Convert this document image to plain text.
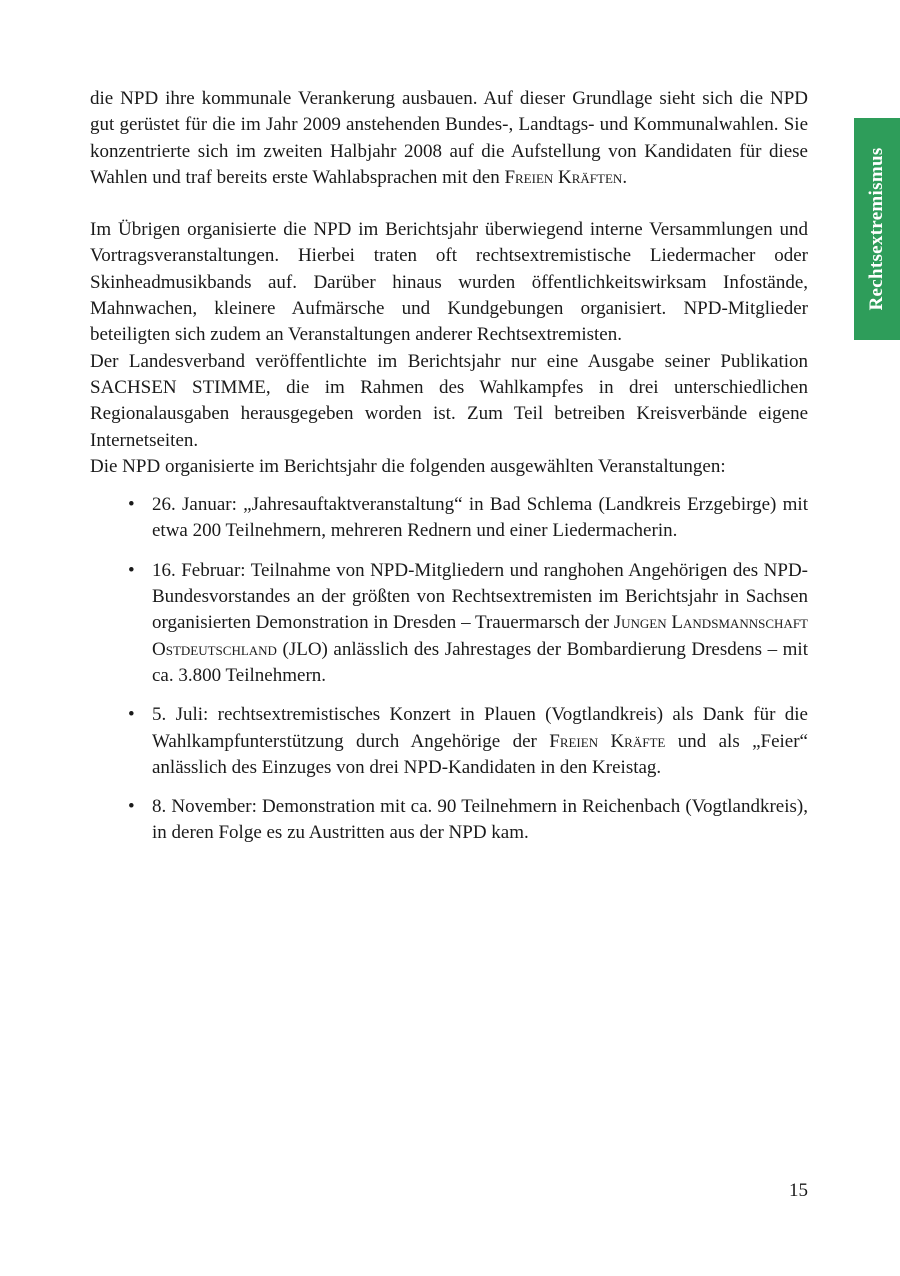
Rechtsextremismus

die NPD ihre kommunale Verankerung ausbauen. Auf dieser Grundlage sieht sich die NPD gut gerüstet für die im Jahr 2009 anstehenden Bundes-, Landtags- und Kommunalwahlen. Sie konzentrierte sich im zweiten Halbjahr 2008 auf die Aufstellung von Kandidaten für diese Wahlen und traf bereits erste Wahlabsprachen mit den Freien Kräften.

Im Übrigen organisierte die NPD im Berichtsjahr überwiegend interne Versammlungen und Vortragsveranstaltungen. Hierbei traten oft rechtsextremistische Liedermacher oder Skinheadmusikbands auf. Darüber hinaus wurden öffentlichkeitswirksam Infostände, Mahnwachen, kleinere Aufmärsche und Kundgebungen organisiert. NPD-Mitglieder beteiligten sich zudem an Veranstaltungen anderer Rechtsextremisten.

Der Landesverband veröffentlichte im Berichtsjahr nur eine Ausgabe seiner Publikation SACHSEN STIMME, die im Rahmen des Wahlkampfes in drei unterschiedlichen Regionalausgaben herausgegeben worden ist. Zum Teil betreiben Kreisverbände eigene Internetseiten.

Die NPD organisierte im Berichtsjahr die folgenden ausgewählten Veranstaltungen:

• 26. Januar: „Jahresauftaktveranstaltung“ in Bad Schlema (Landkreis Erzgebirge) mit etwa 200 Teilnehmern, mehreren Rednern und einer Liedermacherin.
• 16. Februar: Teilnahme von NPD-Mitgliedern und ranghohen Angehörigen des NPD-Bundesvorstandes an der größten von Rechtsextremisten im Berichtsjahr in Sachsen organisierten Demonstration in Dresden – Trauermarsch der Jungen Landsmannschaft Ostdeutschland (JLO) anlässlich des Jahrestages der Bombardierung Dresdens – mit ca. 3.800 Teilnehmern.
• 5. Juli: rechtsextremistisches Konzert in Plauen (Vogtlandkreis) als Dank für die Wahlkampfunterstützung durch Angehörige der Freien Kräfte und als „Feier“ anlässlich des Einzuges von drei NPD-Kandidaten in den Kreistag.
• 8. November: Demonstration mit ca. 90 Teilnehmern in Reichenbach (Vogtlandkreis), in deren Folge es zu Austritten aus der NPD kam.
15
